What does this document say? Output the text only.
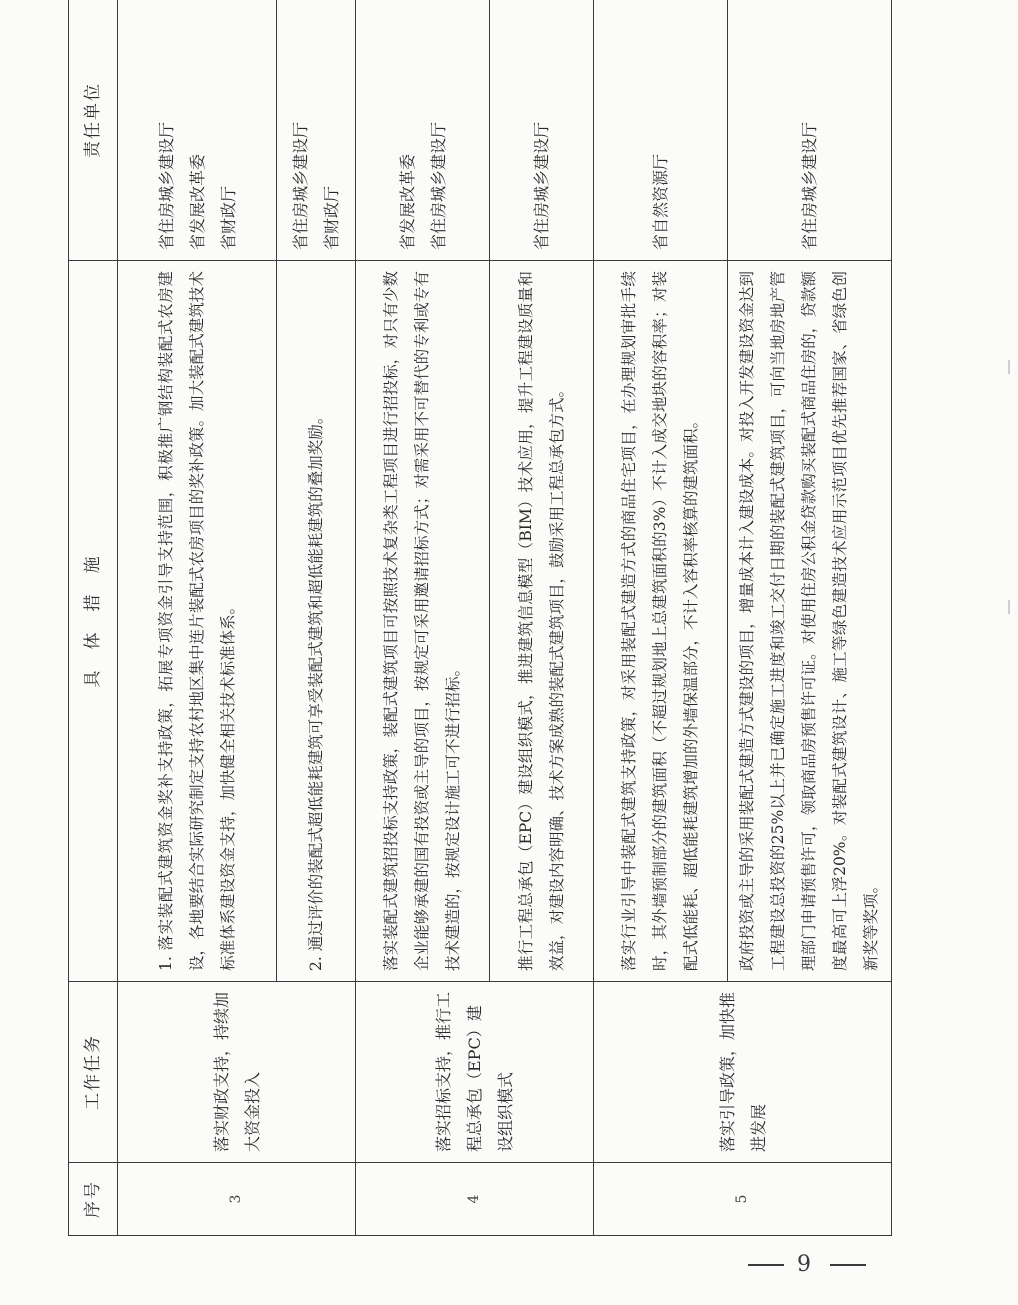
序号	工作任务	具　体　措　施	责任单位
3	落实财政支持，持续加大资金投入	1. 落实装配式建筑资金奖补支持政策，拓展专项资金引导支持范围，积极推广钢结构装配式农房建设，各地要结合实际研究制定支持农村地区集中连片装配式农房项目的奖补政策。加大装配式建筑技术标准体系建设资金支持，加快健全相关技术标准体系。	省住房城乡建设厅
省发展改革委
省财政厅

		2. 通过评价的装配式超低能耗建筑可享受装配式建筑和超低能耗建筑的叠加奖励。	省住房城乡建设厅
省财政厅

4	落实招标支持，推行工程总承包（EPC）建设组织模式	落实装配式建筑招投标支持政策，装配式建筑项目可按照技术复杂类工程项目进行招投标，对只有少数企业能够承建的国有投资或主导的项目，按规定可采用邀请招标方式；对需采用不可替代的专利或专有技术建造的，按规定设计施工可不进行招标。	省发展改革委
省住房城乡建设厅

		推行工程总承包（EPC）建设组织模式，推进建筑信息模型（BIM）技术应用，提升工程建设质量和效益，对建设内容明确、技术方案成熟的装配式建筑项目，鼓励采用工程总承包方式。	省住房城乡建设厅

5	落实引导政策，加快推进发展	落实行业引导中装配式建筑支持政策，对采用装配式建造方式的商品住宅项目，在办理规划审批手续时，其外墙预制部分的建筑面积（不超过规划地上总建筑面积的3%）不计入成交地块的容积率；对装配式低能耗、超低能耗建筑增加的外墙保温部分，不计入容积率核算的建筑面积。	省自然资源厅

		政府投资或主导的采用装配式建造方式建设的项目，增量成本计入建设成本。对投入开发建设资金达到工程建设总投资的25%以上并已确定施工进度和竣工交付日期的装配式建筑项目，可向当地房地产管理部门申请预售许可，领取商品房预售许可证。对使用住房公积金贷款购买装配式商品住房的，贷款额度最高可上浮20%。对装配式建筑设计、施工等绿色建造技术应用示范项目优先推荐国家、省绿色创新奖等奖项。	省住房城乡建设厅
9
